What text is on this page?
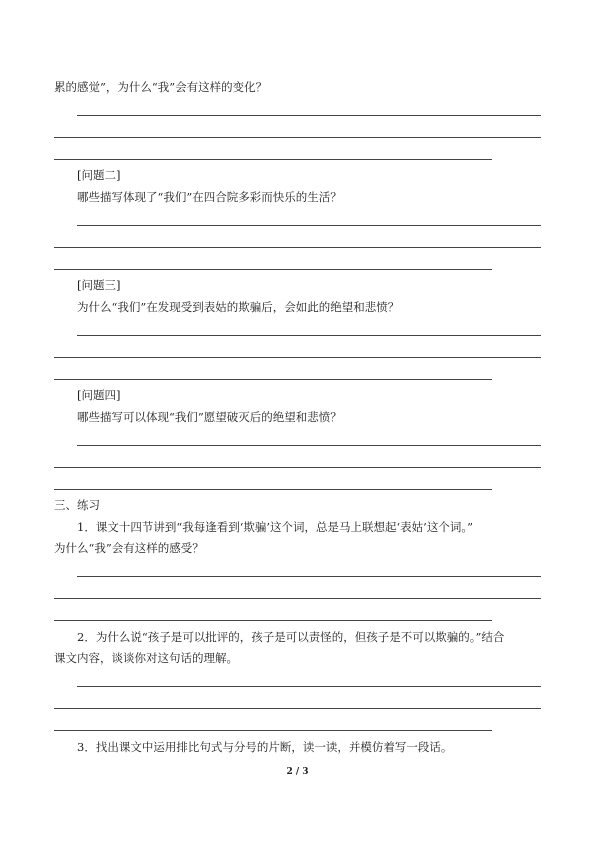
累的感觉”，为什么“我”会有这样的变化？
[问题二]
哪些描写体现了“我们”在四合院多彩而快乐的生活？
[问题三]
为什么“我们”在发现受到表姑的欺骗后，会如此的绝望和悲愤？
[问题四]
哪些描写可以体现“我们”愿望破灭后的绝望和悲愤？
三、练习
1．课文十四节讲到“我每逢看到‘欺骗’这个词，总是马上联想起‘表姑’这个词。”
为什么“我”会有这样的感受？
2．为什么说“孩子是可以批评的，孩子是可以责怪的，但孩子是不可以欺骗的。”结合
课文内容，谈谈你对这句话的理解。
3．找出课文中运用排比句式与分号的片断，读一读，并模仿着写一段话。
2 / 3
